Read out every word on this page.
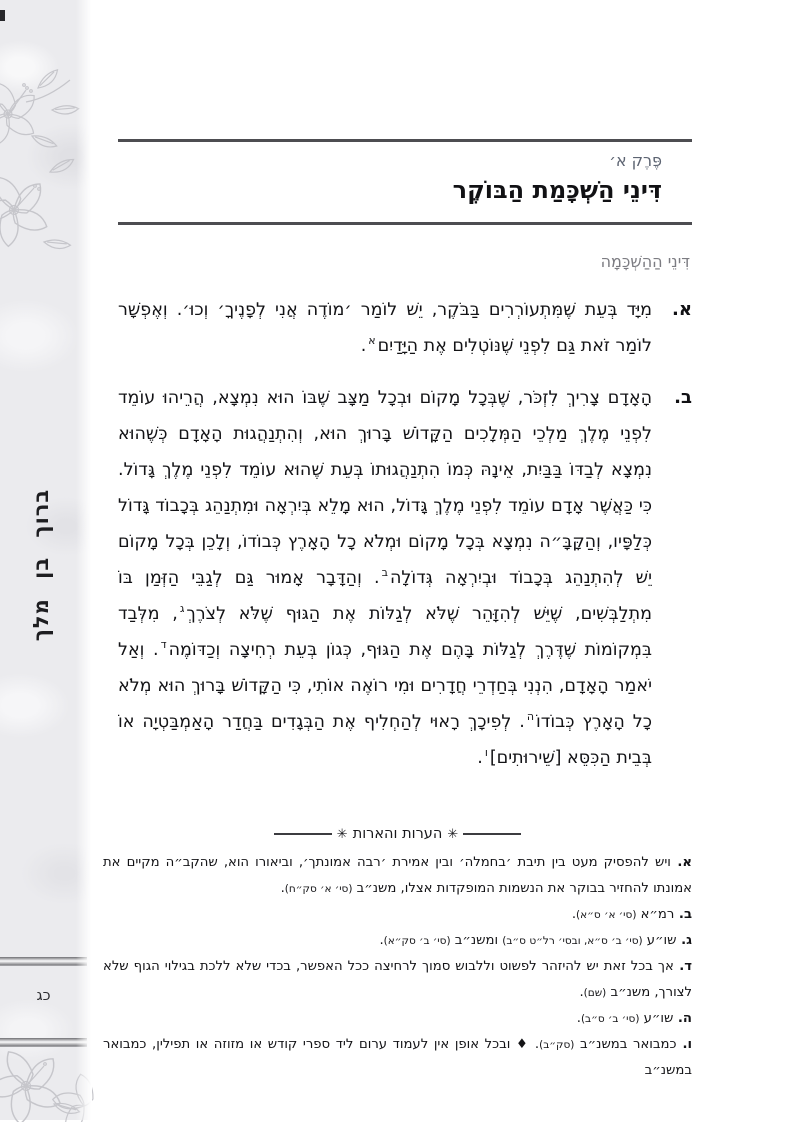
ברוך בן מלך
כג
פֶּרֶק א׳
דִּינֵי הַשְׁכָּמַת הַבּוֹקֶר
דִּינֵי הַהַשְׁכָּמָה
א.
מִיָּד בְּעֵת שֶׁמִּתְעוֹרְרִים בַּבֹּקֶר, יֵשׁ לוֹמַר ׳מוֹדֶה אֲנִי לְפָנֶיךָ׳ וְכוּ׳. וְאֶפְשָׁר לוֹמַר זֹאת גַּם לִפְנֵי שֶׁנּוֹטְלִים אֶת הַיָּדַיִם$^א$.
ב.
הָאָדָם צָרִיךְ לִזְכֹּר, שֶׁבְּכָל מָקוֹם וּבְכָל מַצָּב שֶׁבּוֹ הוּא נִמְצָא, הֲרֵיהוּ עוֹמֵד לִפְנֵי מֶלֶךְ מַלְכֵי הַמְּלָכִים הַקָּדוֹשׁ בָּרוּךְ הוּא, וְהִתְנַהֲגוּת הָאָדָם כְּשֶׁהוּא נִמְצָא לְבַדּוֹ בַּבַּיִת, אֵינָהּ כְּמוֹ הִתְנַהֲגוּתוֹ בְּעֵת שֶׁהוּא עוֹמֵד לִפְנֵי מֶלֶךְ גָּדוֹל. כִּי כַּאֲשֶׁר אָדָם עוֹמֵד לִפְנֵי מֶלֶךְ גָּדוֹל, הוּא מָלֵא בְּיִרְאָה וּמִתְנַהֵג בְּכָבוֹד גָּדוֹל כְּלַפָּיו, וְהַקָּבָּ״ה נִמְצָא בְּכָל מָקוֹם וּמְלֹא כָל הָאָרֶץ כְּבוֹדוֹ, וְלָכֵן בְּכָל מָקוֹם יֵשׁ לְהִתְנַהֵג בְּכָבוֹד וּבְיִרְאָה גְּדוֹלָה$^ב$. וְהַדָּבָר אָמוּר גַּם לְגַבֵּי הַזְּמַן בּוֹ מִתְלַבְּשִׁים, שֶׁיֵּשׁ לְהִזָּהֵר שֶׁלֹּא לְגַלּוֹת אֶת הַגּוּף שֶׁלֹּא לְצֹרֶךְ$^ג$, מִלְּבַד בִּמְקוֹמוֹת שֶׁדֶּרֶךְ לְגַלּוֹת בָּהֶם אֶת הַגּוּף, כְּגוֹן בְּעֵת רְחִיצָה וְכַדּוֹמֶה$^ד$. וְאַל יֹאמַר הָאָדָם, הִנְנִי בְּחַדְרֵי חֲדָרִים וּמִי רוֹאֶה אוֹתִי, כִּי הַקָּדוֹשׁ בָּרוּךְ הוּא מְלֹא כָל הָאָרֶץ כְּבוֹדוֹ$^ה$. לְפִיכָךְ רָאוּי לְהַחְלִיף אֶת הַבְּגָדִים בַּחֲדַר הָאַמְבַּטְיָה אוֹ בְּבֵית הַכִּסֵּא [שֵׁירוּתִים]$^ו$.
✳
הערות והארות
✳
א. ויש להפסיק מעט בין תיבת ׳בחמלה׳ ובין אמירת ׳רבה אמונתך׳, וביאורו הוא, שהקב״ה מקיים את אמונתו להחזיר בבוקר את הנשמות המופקדות אצלו, משנ״ב (סי׳ א׳ סק״ח).
ב. רמ״א (סי׳ א׳ ס״א).
ג. שו״ע (סי׳ ב׳ ס״א, ובסי׳ רל״ט ס״ב) ומשנ״ב (סי׳ ב׳ סק״א).
ד. אך בכל זאת יש להיזהר לפשוט וללבוש סמוך לרחיצה ככל האפשר, בכדי שלא ללכת בגילוי הגוף שלא לצורך, משנ״ב (שם).
ה. שו״ע (סי׳ ב׳ ס״ב).
ו. כמבואר במשנ״ב (סק״ב). ♦ ובכל אופן אין לעמוד ערום ליד ספרי קודש או מזוזה או תפילין, כמבואר במשנ״ב
